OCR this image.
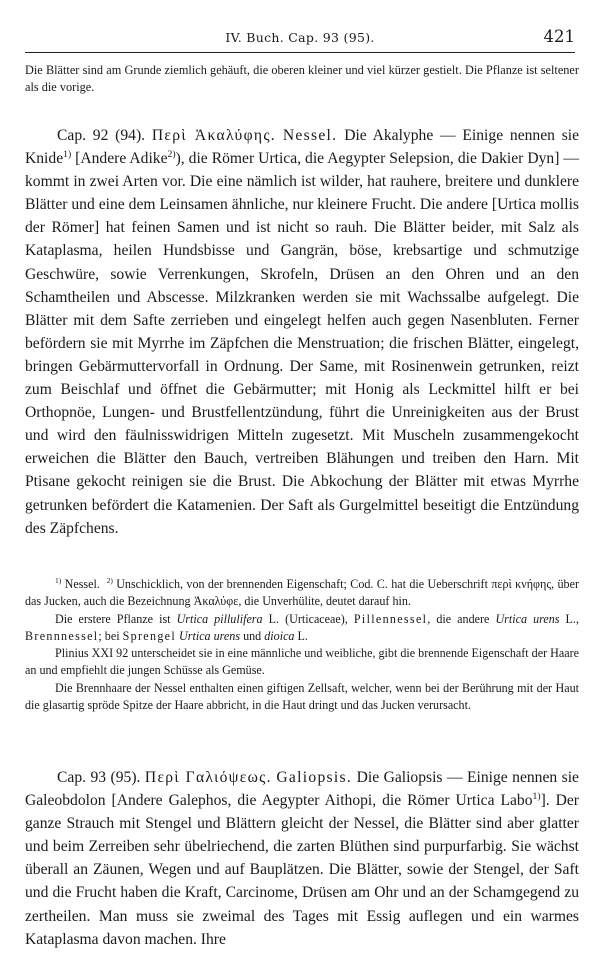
IV. Buch. Cap. 93 (95).	421

Die Blätter sind am Grunde ziemlich gehäuft, die oberen kleiner und viel kürzer gestielt. Die Pflanze ist seltener als die vorige.

Cap. 92 (94). Περὶ Ἀκαλύφης. Nessel. Die Akalyphe — Einige nennen sie Knide$^{1)}$ [Andere Adike$^{2)}$), die Römer Urtica, die Aegypter Selepsion, die Dakier Dyn] — kommt in zwei Arten vor. Die eine nämlich ist wilder, hat rauhere, breitere und dunklere Blätter und eine dem Leinsamen ähnliche, nur kleinere Frucht. Die andere [Urtica mollis der Römer] hat feinen Samen und ist nicht so rauh. Die Blätter beider, mit Salz als Kataplasma, heilen Hundsbisse und Gangrän, böse, krebsartige und schmutzige Geschwüre, sowie Verrenkungen, Skrofeln, Drüsen an den Ohren und an den Schamtheilen und Abscesse. Milzkranken werden sie mit Wachssalbe aufgelegt. Die Blätter mit dem Safte zerrieben und eingelegt helfen auch gegen Nasenbluten. Ferner befördern sie mit Myrrhe im Zäpfchen die Menstruation; die frischen Blätter, eingelegt, bringen Gebärmuttervorfall in Ordnung. Der Same, mit Rosinenwein getrunken, reizt zum Beischlaf und öffnet die Gebärmutter; mit Honig als Leckmittel hilft er bei Orthopnöe, Lungen- und Brustfellentzündung, führt die Unreinigkeiten aus der Brust und wird den fäulnisswidrigen Mitteln zugesetzt. Mit Muscheln zusammengekocht erweichen die Blätter den Bauch, vertreiben Blähungen und treiben den Harn. Mit Ptisane gekocht reinigen sie die Brust. Die Abkochung der Blätter mit etwas Myrrhe getrunken befördert die Katamenien. Der Saft als Gurgelmittel beseitigt die Entzündung des Zäpfchens.

$^{1)}$ Nessel. $^{2)}$ Unschicklich, von der brennenden Eigenschaft; Cod. C. hat die Ueberschrift περὶ κνήφης, über das Jucken, auch die Bezeichnung Ἀκαλύφε, die Unverhülite, deutet darauf hin.

Die erstere Pflanze ist Urtica pillulifera L. (Urticaceae), Pillennessel, die andere Urtica urens L., Brennnessel; bei Sprengel Urtica urens und dioica L.

Plinius XXI 92 unterscheidet sie in eine männliche und weibliche, gibt die brennende Eigenschaft der Haare an und empfiehlt die jungen Schüsse als Gemüse.

Die Brennhaare der Nessel enthalten einen giftigen Zellsaft, welcher, wenn bei der Berührung mit der Haut die glasartig spröde Spitze der Haare abbricht, in die Haut dringt und das Jucken verursacht.

Cap. 93 (95). Περὶ Γαλιόψεως. Galiopsis. Die Galiopsis — Einige nennen sie Galeobdolon [Andere Galephos, die Aegypter Aithopi, die Römer Urtica Labo$^{1)}$]. Der ganze Strauch mit Stengel und Blättern gleicht der Nessel, die Blätter sind aber glatter und beim Zerreiben sehr übelriechend, die zarten Blüthen sind purpurfarbig. Sie wächst überall an Zäunen, Wegen und auf Bauplätzen. Die Blätter, sowie der Stengel, der Saft und die Frucht haben die Kraft, Carcinome, Drüsen am Ohr und an der Schamgegend zu zertheilen. Man muss sie zweimal des Tages mit Essig auflegen und ein warmes Kataplasma davon machen. Ihre
